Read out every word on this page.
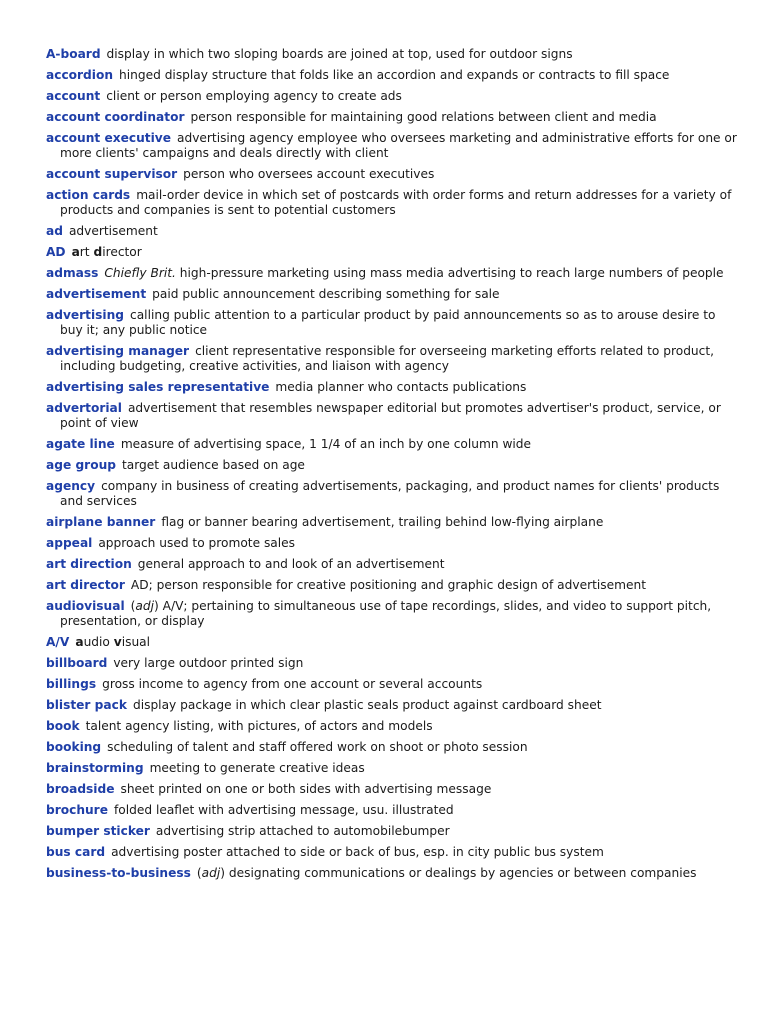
A-board display in which two sloping boards are joined at top, used for outdoor signs

accordion hinged display structure that folds like an accordion and expands or contracts to fill space

account client or person employing agency to create ads

account coordinator person responsible for maintaining good relations between client and media

account executive advertising agency employee who oversees marketing and administrative efforts for one or more clients' campaigns and deals directly with client

account supervisor person who oversees account executives

action cards mail-order device in which set of postcards with order forms and return addresses for a variety of products and companies is sent to potential customers

ad advertisement

AD art director

admass Chiefly Brit. high-pressure marketing using mass media advertising to reach large numbers of people

advertisement paid public announcement describing something for sale

advertising calling public attention to a particular product by paid announcements so as to arouse desire to buy it; any public notice

advertising manager client representative responsible for overseeing marketing efforts related to product, including budgeting, creative activities, and liaison with agency

advertising sales representative media planner who contacts publications

advertorial advertisement that resembles newspaper editorial but promotes advertiser's product, service, or point of view

agate line measure of advertising space, 1 1/4 of an inch by one column wide

age group target audience based on age

agency company in business of creating advertisements, packaging, and product names for clients' products and services

airplane banner flag or banner bearing advertisement, trailing behind low-flying airplane

appeal approach used to promote sales

art direction general approach to and look of an advertisement

art director AD; person responsible for creative positioning and graphic design of advertisement

audiovisual (adj) A/V; pertaining to simultaneous use of tape recordings, slides, and video to support pitch, presentation, or display

A/V audio visual

billboard very large outdoor printed sign

billings gross income to agency from one account or several accounts

blister pack display package in which clear plastic seals product against cardboard sheet

book talent agency listing, with pictures, of actors and models

booking scheduling of talent and staff offered work on shoot or photo session

brainstorming meeting to generate creative ideas

broadside sheet printed on one or both sides with advertising message

brochure folded leaflet with advertising message, usu. illustrated

bumper sticker advertising strip attached to automobilebumper

bus card advertising poster attached to side or back of bus, esp. in city public bus system

business-to-business (adj) designating communications or dealings by agencies or between companies
